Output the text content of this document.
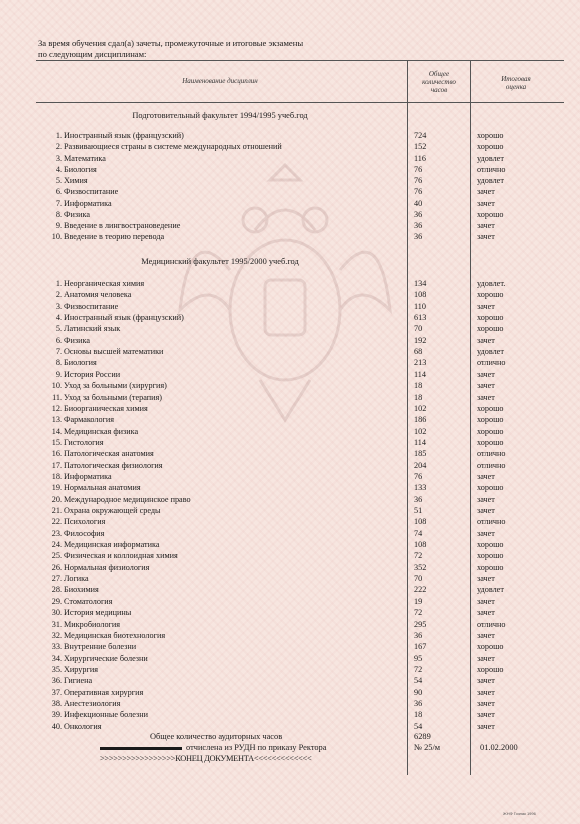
За время обучения сдал(а) зачеты, промежуточные и итоговые экзамены
по следующим дисциплинам:
Наименование дисциплин
Общее
количество
часов
Итоговая
оценка
Подготовительный факультет 1994/1995 учеб.год
1. Иностранный язык (французский)	724	хорошо
2. Развивающиеся страны в системе международных отношений	152	хорошо
3. Математика	116	удовлет
4. Биология	76	отлично
5. Химия	76	удовлет
6. Физвоспитание	76	зачет
7. Информатика	40	зачет
8. Физика	36	хорошо
9. Введение в лингвострановедение	36	зачет
10. Введение в теорию перевода	36	зачет
Медицинский факультет 1995/2000 учеб.год
1. Неорганическая химия	134	удовлет.
2. Анатомия человека	108	хорошо
3. Физвоспитание	110	зачет
4. Иностранный язык (французский)	613	хорошо
5. Латинский язык	70	хорошо
6. Физика	192	зачет
7. Основы высшей математики	68	удовлет
8. Биология	213	отлично
9. История России	114	зачет
10. Уход за больными (хирургия)	18	зачет
11. Уход за больными (терапия)	18	зачет
12. Биоорганическая химия	102	хорошо
13. Фармакология	186	хорошо
14. Медицинская физика	102	хорошо
15. Гистология	114	хорошо
16. Патологическая анатомия	185	отлично
17. Патологическая физиология	204	отлично
18. Информатика	76	зачет
19. Нормальная анатомия	133	хорошо
20. Международное медицинское право	36	зачет
21. Охрана окружающей среды	51	зачет
22. Психология	108	отлично
23. Философия	74	зачет
24. Медицинская информатика	108	хорошо
25. Физическая и коллоидная химия	72	хорошо
26. Нормальная физиология	352	хорошо
27. Логика	70	зачет
28. Биохимия	222	удовлет
29. Стоматология	19	зачет
30. История медицины	72	зачет
31. Микробиология	295	отлично
32. Медицинская биотехнология	36	зачет
33. Внутренние болезни	167	хорошо
34. Хирургические болезни	95	зачет
35. Хирургия	72	хорошо
36. Гигиена	54	зачет
37. Оперативная хирургия	90	зачет
38. Анестезиология	36	зачет
39. Инфекционные болезни	18	зачет
40. Онкология	54	зачет
Общее количество аудиторных часов	6289
отчислена из РУДН по приказу Ректора	№ 25/м	01.02.2000
>>>>>>>>>>>>>>>>>КОНЕЦ ДОКУМЕНТА<<<<<<<<<<<<<
ЖНФ Гознак 1996
